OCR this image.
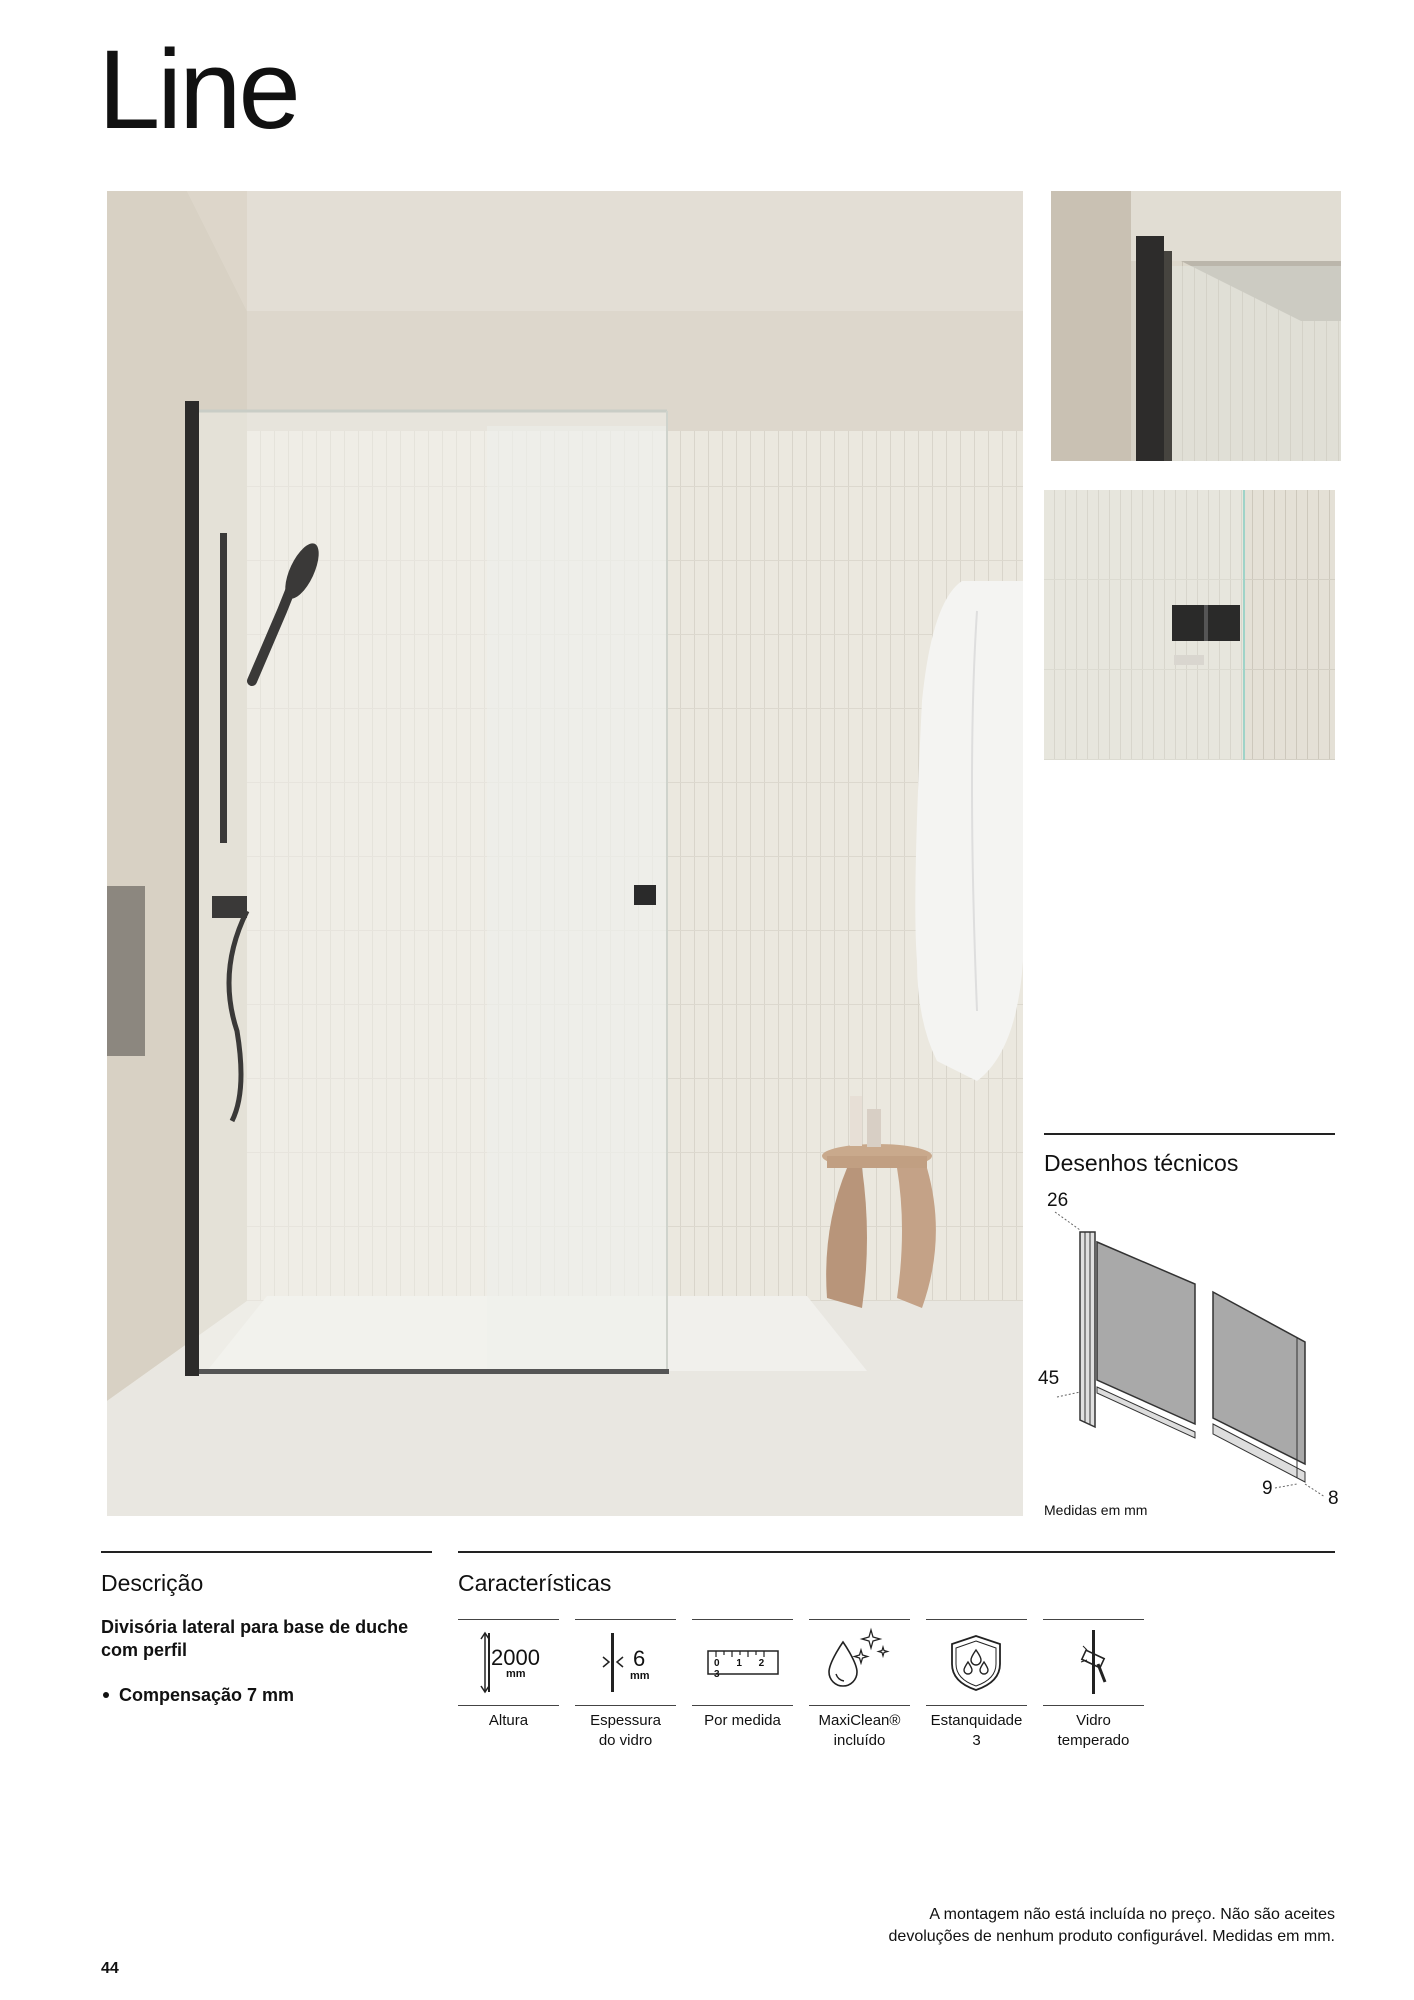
Line
Desenhos técnicos
26
45
9	8
Medidas em mm
Descrição
Divisória lateral para base de duche com perfil
Compensação 7 mm
Características
2000
mm
Altura
6
mm
Espessura
do vidro
0 1 2 3
Por medida	MaxiClean®
incluído
Estanquidade
3
Vidro
temperado
A montagem não está incluída no preço. Não são aceites
devoluções de nenhum produto configurável. Medidas em mm.
44
